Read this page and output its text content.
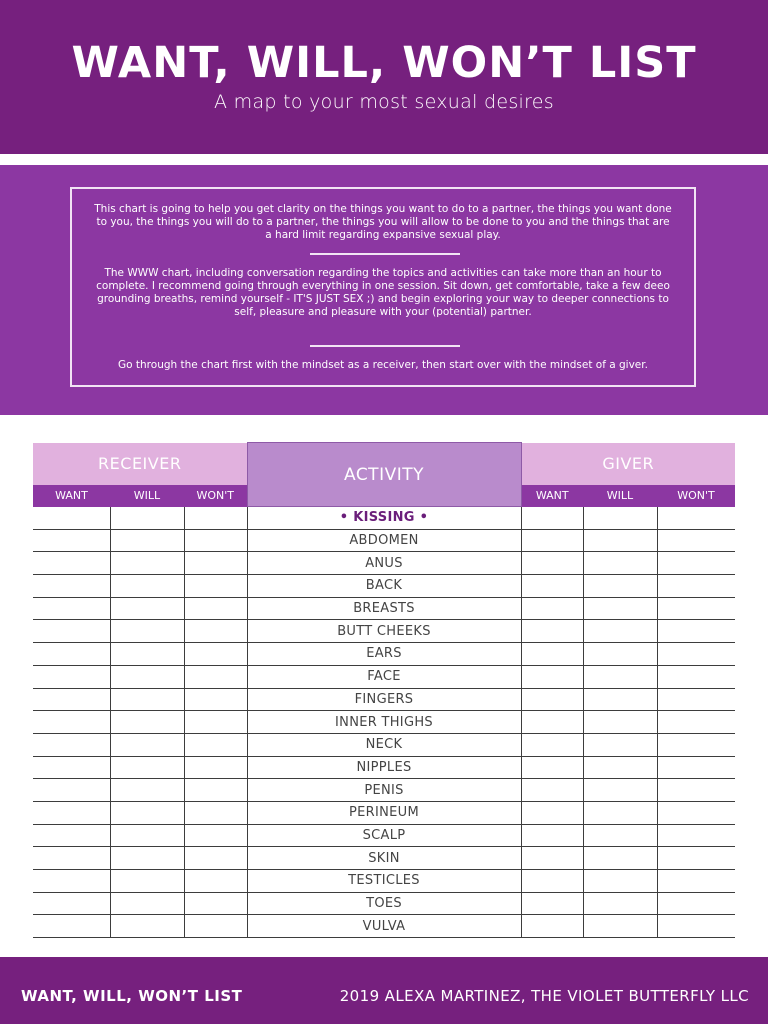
WANT, WILL, WON’T LIST
A map to your most sexual desires

This chart is going to help you get clarity on the things you want to do to a partner, the things you want done to you, the things you will do to a partner, the things you will allow to be done to you and the things that are a hard limit regarding expansive sexual play.

The WWW chart, including conversation regarding the topics and activities can take more than an hour to complete. I recommend going through everything in one session. Sit down, get comfortable, take a few deeo grounding breaths, remind yourself - IT'S JUST SEX ;) and begin exploring your way to deeper connections to self, pleasure and pleasure with your (potential) partner.

Go through the chart first with the mindset as a receiver, then start over with the mindset of a giver.

RECEIVER			ACTIVITY	GIVER		
WANT	WILL	WON'T		WANT	WILL	WON'T
			• KISSING •			
			ABDOMEN			
			ANUS			
			BACK			
			BREASTS			
			BUTT CHEEKS			
			EARS			
			FACE			
			FINGERS			
			INNER THIGHS			
			NECK			
			NIPPLES			
			PENIS			
			PERINEUM			
			SCALP			
			SKIN			
			TESTICLES			
			TOES			
			VULVA			
WANT, WILL, WON’T LIST	2019 ALEXA MARTINEZ, THE VIOLET BUTTERFLY LLC
